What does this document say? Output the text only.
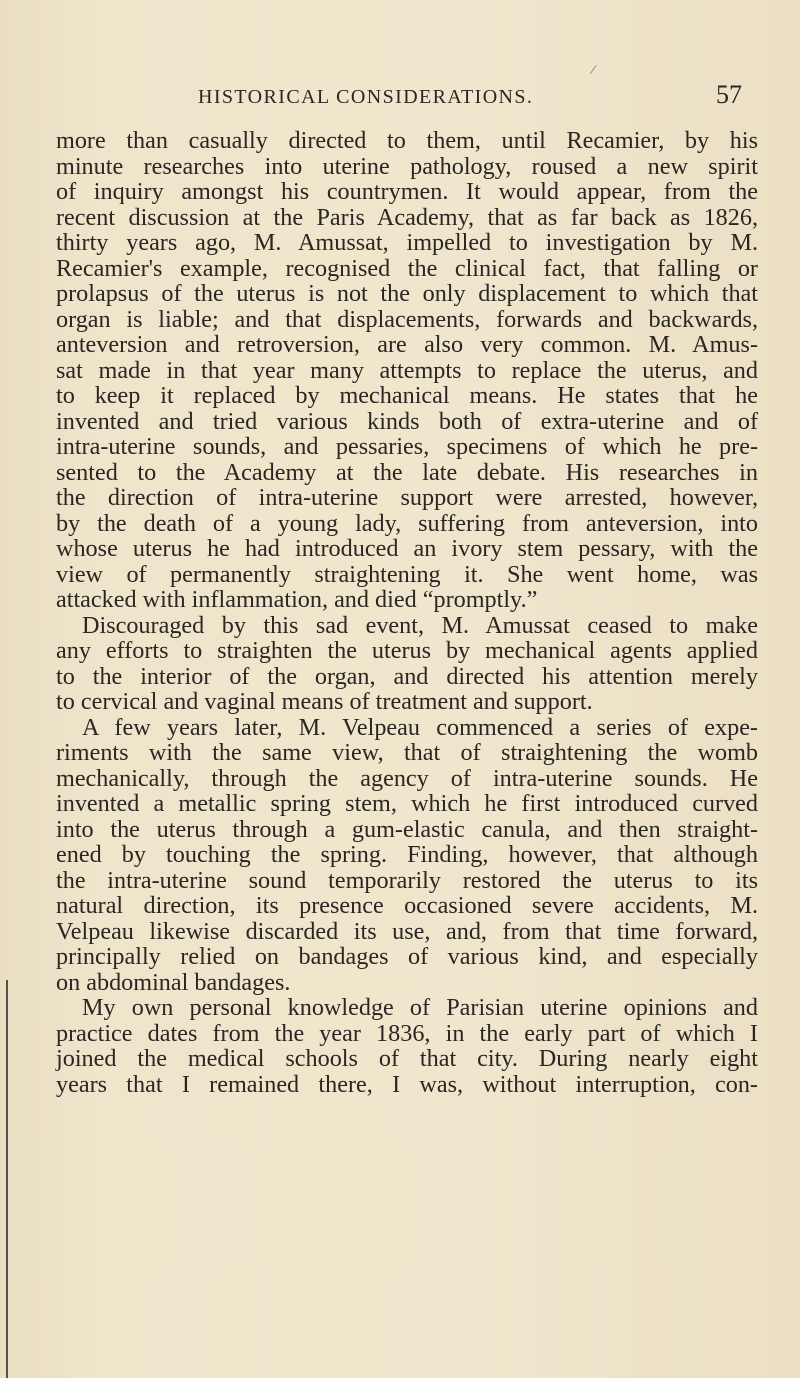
⁄
HISTORICAL CONSIDERATIONS.	57
more than casually directed to them, until Recamier, by his
minute researches into uterine pathology, roused a new spirit
of inquiry amongst his countrymen. It would appear, from the
recent discussion at the Paris Academy, that as far back as 1826,
thirty years ago, M. Amussat, impelled to investigation by M.
Recamier's example, recognised the clinical fact, that falling or
prolapsus of the uterus is not the only displacement to which that
organ is liable; and that displacements, forwards and backwards,
anteversion and retroversion, are also very common. M. Amus-
sat made in that year many attempts to replace the uterus, and
to keep it replaced by mechanical means. He states that he
invented and tried various kinds both of extra-uterine and of
intra-uterine sounds, and pessaries, specimens of which he pre-
sented to the Academy at the late debate. His researches in
the direction of intra-uterine support were arrested, however,
by the death of a young lady, suffering from anteversion, into
whose uterus he had introduced an ivory stem pessary, with the
view of permanently straightening it. She went home, was
attacked with inflammation, and died “promptly.”
Discouraged by this sad event, M. Amussat ceased to make
any efforts to straighten the uterus by mechanical agents applied
to the interior of the organ, and directed his attention merely
to cervical and vaginal means of treatment and support.
A few years later, M. Velpeau commenced a series of expe-
riments with the same view, that of straightening the womb
mechanically, through the agency of intra-uterine sounds. He
invented a metallic spring stem, which he first introduced curved
into the uterus through a gum-elastic canula, and then straight-
ened by touching the spring. Finding, however, that although
the intra-uterine sound temporarily restored the uterus to its
natural direction, its presence occasioned severe accidents, M.
Velpeau likewise discarded its use, and, from that time forward,
principally relied on bandages of various kind, and especially
on abdominal bandages.
My own personal knowledge of Parisian uterine opinions and
practice dates from the year 1836, in the early part of which I
joined the medical schools of that city. During nearly eight
years that I remained there, I was, without interruption, con-
